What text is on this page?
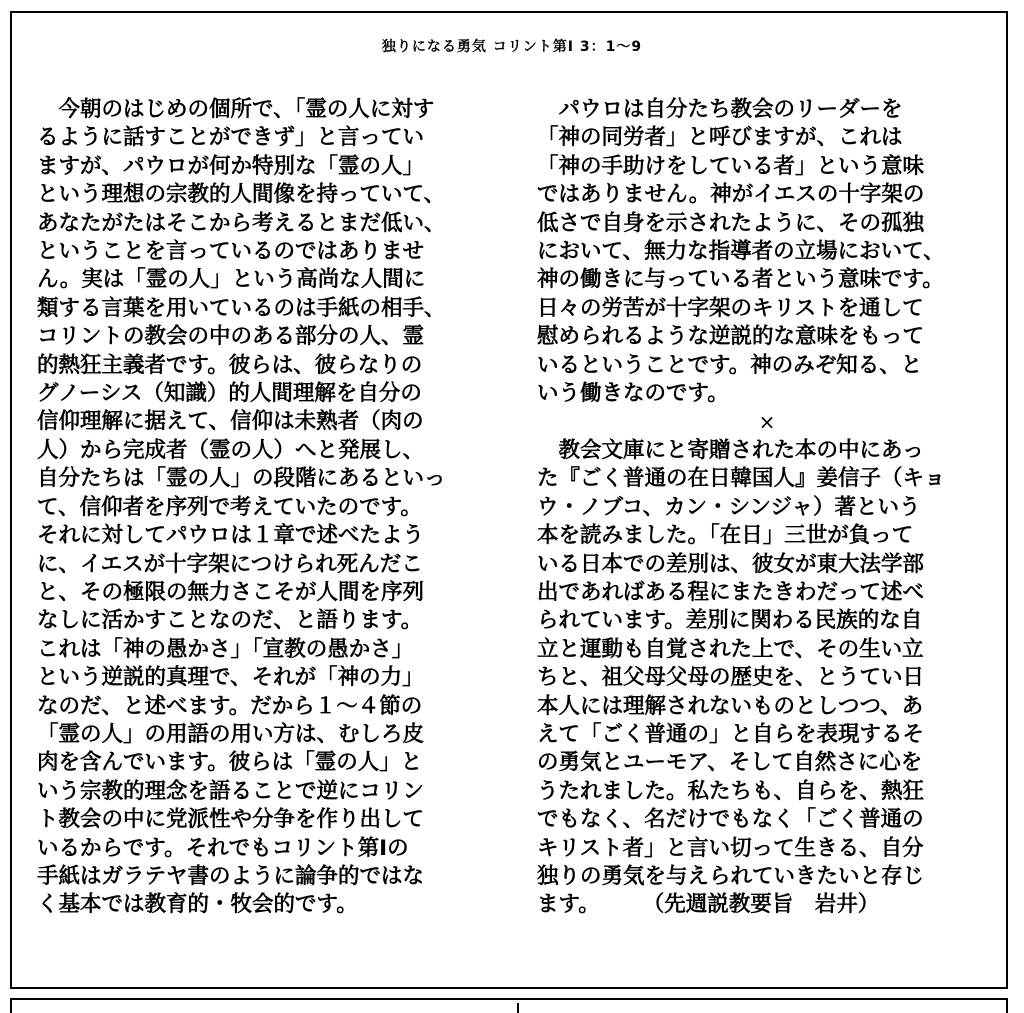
独りになる勇気 コリント第Ⅰ 3：1〜9
　今朝のはじめの個所で、「霊の人に対す
るように話すことができず」と言ってい
ますが、パウロが何か特別な「霊の人」
という理想の宗教的人間像を持っていて、
あなたがたはそこから考えるとまだ低い、
ということを言っているのではありませ
ん。実は「霊の人」という高尚な人間に
類する言葉を用いているのは手紙の相手、
コリントの教会の中のある部分の人、霊
的熱狂主義者です。彼らは、彼らなりの
グノーシス（知識）的人間理解を自分の
信仰理解に据えて、信仰は未熟者（肉の
人）から完成者（霊の人）へと発展し、
自分たちは「霊の人」の段階にあるといっ
て、信仰者を序列で考えていたのです。
それに対してパウロは１章で述べたよう
に、イエスが十字架につけられ死んだこ
と、その極限の無力さこそが人間を序列
なしに活かすことなのだ、と語ります。
これは「神の愚かさ」「宣教の愚かさ」
という逆説的真理で、それが「神の力」
なのだ、と述べます。だから１〜４節の
「霊の人」の用語の用い方は、むしろ皮
肉を含んでいます。彼らは「霊の人」と
いう宗教的理念を語ることで逆にコリン
ト教会の中に党派性や分争を作り出して
いるからです。それでもコリント第Ⅰの
手紙はガラテヤ書のように論争的ではな
く基本では教育的・牧会的です。
　パウロは自分たち教会のリーダーを
「神の同労者」と呼びますが、これは
「神の手助けをしている者」という意味
ではありません。神がイエスの十字架の
低さで自身を示されたように、その孤独
において、無力な指導者の立場において、
神の働きに与っている者という意味です。
日々の労苦が十字架のキリストを通して
慰められるような逆説的な意味をもって
いるということです。神のみぞ知る、と
いう働きなのです。
×
　教会文庫にと寄贈された本の中にあっ
た『ごく普通の在日韓国人』姜信子（キョ
ウ・ノブコ、カン・シンジャ）著という
本を読みました。「在日」三世が負って
いる日本での差別は、彼女が東大法学部
出であればある程にまたきわだって述べ
られています。差別に関わる民族的な自
立と運動も自覚された上で、その生い立
ちと、祖父母父母の歴史を、とうてい日
本人には理解されないものとしつつ、あ
えて「ごく普通の」と自らを表現するそ
の勇気とユーモア、そして自然さに心を
うたれました。私たちも、自らを、熱狂
でもなく、名だけでもなく「ごく普通の
キリスト者」と言い切って生きる、自分
独りの勇気を与えられていきたいと存じ
ます。　　　（先週説教要旨　岩井）
